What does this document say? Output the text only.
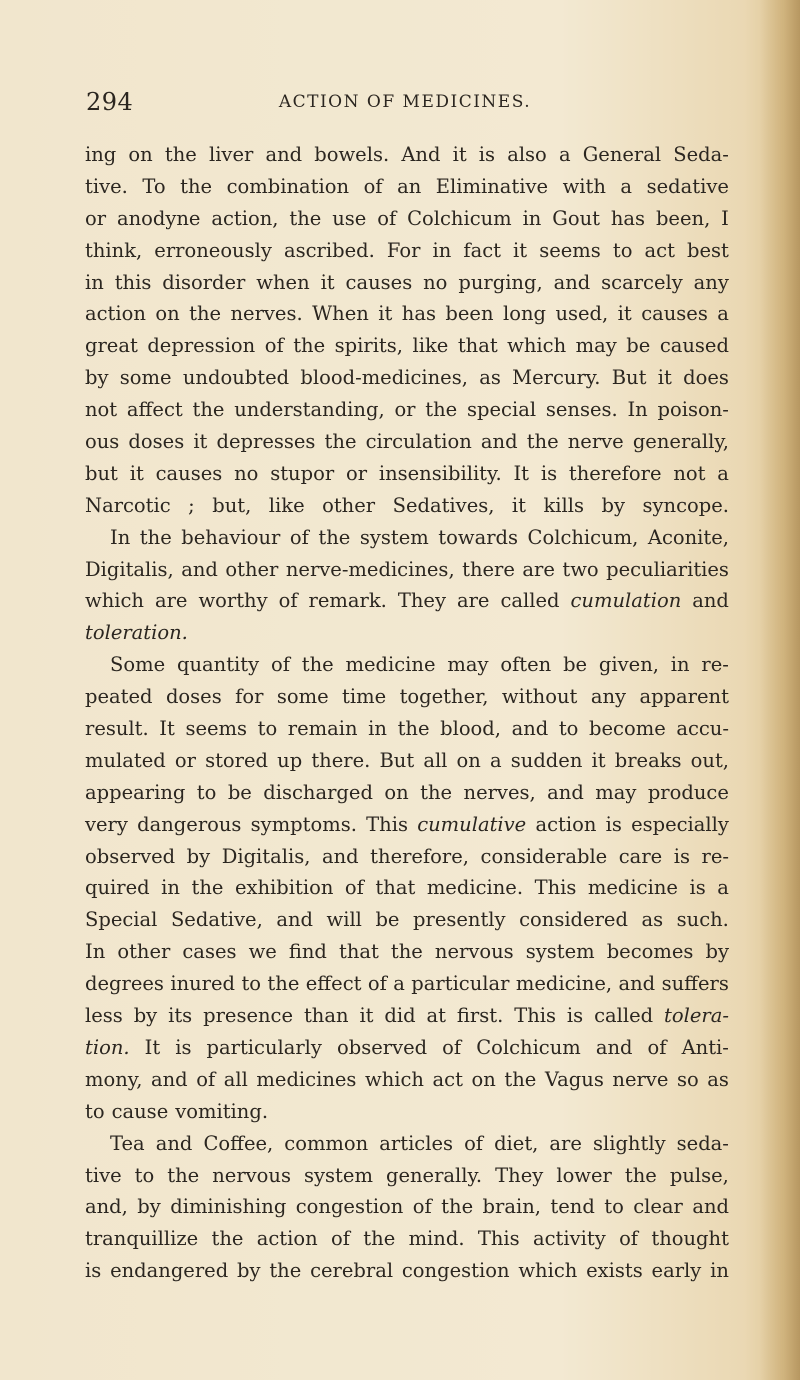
294	ACTION OF MEDICINES.
ing on the liver and bowels. And it is also a General Seda-
tive. To the combination of an Eliminative with a sedative
or anodyne action, the use of Colchicum in Gout has been, I
think, erroneously ascribed. For in fact it seems to act best
in this disorder when it causes no purging, and scarcely any
action on the nerves. When it has been long used, it causes a
great depression of the spirits, like that which may be caused
by some undoubted blood-medicines, as Mercury. But it does
not affect the understanding, or the special senses. In poison-
ous doses it depresses the circulation and the nerve generally,
but it causes no stupor or insensibility. It is therefore not a
Narcotic ; but, like other Sedatives, it kills by syncope.
In the behaviour of the system towards Colchicum, Aconite,
Digitalis, and other nerve-medicines, there are two peculiarities
which are worthy of remark. They are called cumulation and
toleration.
Some quantity of the medicine may often be given, in re-
peated doses for some time together, without any apparent
result. It seems to remain in the blood, and to become accu-
mulated or stored up there. But all on a sudden it breaks out,
appearing to be discharged on the nerves, and may produce
very dangerous symptoms. This cumulative action is especially
observed by Digitalis, and therefore, considerable care is re-
quired in the exhibition of that medicine. This medicine is a
Special Sedative, and will be presently considered as such.
In other cases we find that the nervous system becomes by
degrees inured to the effect of a particular medicine, and suffers
less by its presence than it did at first. This is called tolera-
tion. It is particularly observed of Colchicum and of Anti-
mony, and of all medicines which act on the Vagus nerve so as
to cause vomiting.
Tea and Coffee, common articles of diet, are slightly seda-
tive to the nervous system generally. They lower the pulse,
and, by diminishing congestion of the brain, tend to clear and
tranquillize the action of the mind. This activity of thought
is endangered by the cerebral congestion which exists early in
